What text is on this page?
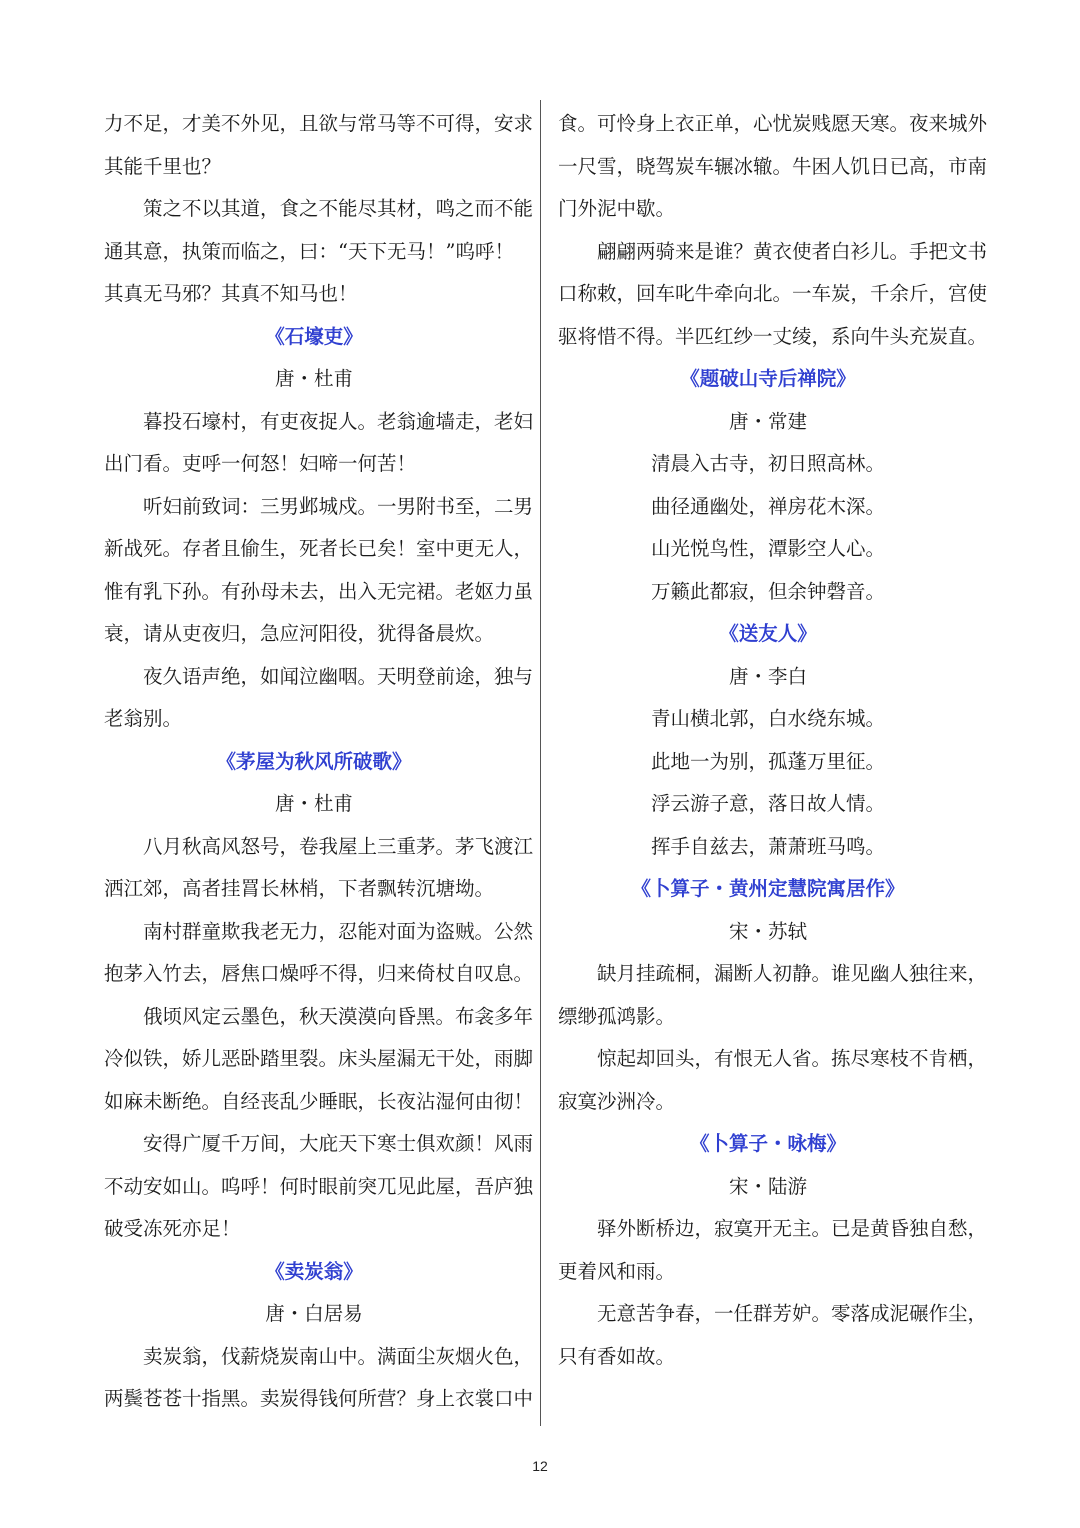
力不足，才美不外见，且欲与常马等不可得，安求
其能千里也？
策之不以其道，食之不能尽其材，鸣之而不能
通其意，执策而临之，曰：“天下无马！”呜呼！
其真无马邪？其真不知马也！
《石壕吏》
唐・杜甫
暮投石壕村，有吏夜捉人。老翁逾墙走，老妇
出门看。吏呼一何怒！妇啼一何苦！
听妇前致词：三男邺城戍。一男附书至，二男
新战死。存者且偷生，死者长已矣！室中更无人，
惟有乳下孙。有孙母未去，出入无完裙。老妪力虽
衰，请从吏夜归，急应河阳役，犹得备晨炊。
夜久语声绝，如闻泣幽咽。天明登前途，独与
老翁别。
《茅屋为秋风所破歌》
唐・杜甫
八月秋高风怒号，卷我屋上三重茅。茅飞渡江
洒江郊，高者挂罥长林梢，下者飘转沉塘坳。
南村群童欺我老无力，忍能对面为盗贼。公然
抱茅入竹去，唇焦口燥呼不得，归来倚杖自叹息。
俄顷风定云墨色，秋天漠漠向昏黑。布衾多年
冷似铁，娇儿恶卧踏里裂。床头屋漏无干处，雨脚
如麻未断绝。自经丧乱少睡眠，长夜沾湿何由彻！
安得广厦千万间，大庇天下寒士俱欢颜！风雨
不动安如山。呜呼！何时眼前突兀见此屋，吾庐独
破受冻死亦足！
《卖炭翁》
唐・白居易
卖炭翁，伐薪烧炭南山中。满面尘灰烟火色，
两鬓苍苍十指黑。卖炭得钱何所营？身上衣裳口中
食。可怜身上衣正单，心忧炭贱愿天寒。夜来城外
一尺雪，晓驾炭车辗冰辙。牛困人饥日已高，市南
门外泥中歇。
翩翩两骑来是谁？黄衣使者白衫儿。手把文书
口称敕，回车叱牛牵向北。一车炭，千余斤，宫使
驱将惜不得。半匹红纱一丈绫，系向牛头充炭直。
《题破山寺后禅院》
唐・常建
清晨入古寺，初日照高林。
曲径通幽处，禅房花木深。
山光悦鸟性，潭影空人心。
万籁此都寂，但余钟磬音。
《送友人》
唐・李白
青山横北郭，白水绕东城。
此地一为别，孤蓬万里征。
浮云游子意，落日故人情。
挥手自兹去，萧萧班马鸣。
《卜算子・黄州定慧院寓居作》
宋・苏轼
缺月挂疏桐，漏断人初静。谁见幽人独往来，
缥缈孤鸿影。
惊起却回头，有恨无人省。拣尽寒枝不肯栖，
寂寞沙洲冷。
《卜算子・咏梅》
宋・陆游
驿外断桥边，寂寞开无主。已是黄昏独自愁，
更着风和雨。
无意苦争春，一任群芳妒。零落成泥碾作尘，
只有香如故。
12
